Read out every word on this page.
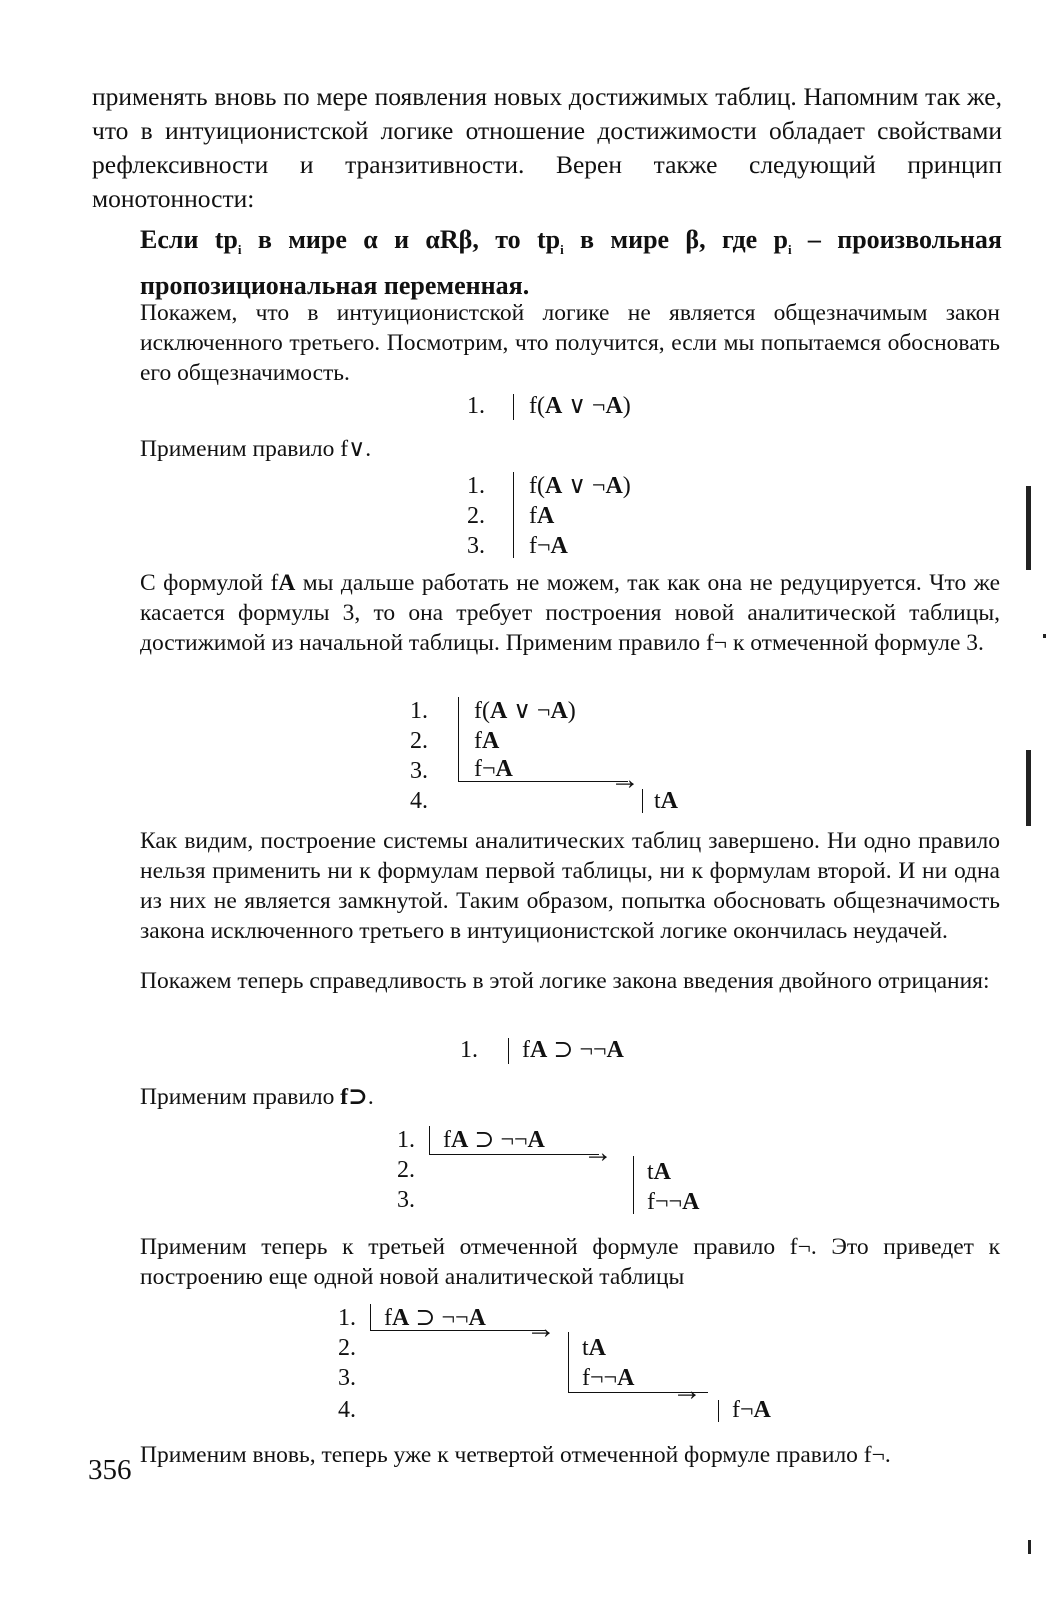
применять вновь по мере появления новых достижимых таблиц. Напомним так же, что в интуиционистской логике отношение достижимости обладает свойствами рефлексивности и транзитивности. Верен также следующий принцип монотонности:

Если $tp_i$ в мире α и αRβ, то $tp_i$ в мире β, где $p_i$ – произвольная пропозициональная переменная.

Покажем, что в интуиционистской логике не является общезначимым закон исключенного третьего. Посмотрим, что получится, если мы попытаемся обосновать его общезначимость.

1. f(A ∨ ¬A)

Применим правило f∨.

1.
2.
3.
f(A ∨ ¬A)
fA
f¬A

С формулой fA мы дальше работать не можем, так как она не редуцируется. Что же касается формулы 3, то она требует построения новой аналитической таблицы, достижимой из начальной таблицы. Применим правило f¬ к отмеченной формуле 3.

1.
2.
3.
4.
→
f(A ∨ ¬A)
fA
f¬A
tA

Как видим, построение системы аналитических таблиц завершено. Ни одно правило нельзя применить ни к формулам первой таблицы, ни к формулам второй. И ни одна из них не является замкнутой. Таким образом, попытка обосновать общезначимость закона исключенного третьего в интуиционистской логике окончилась неудачей.

Покажем теперь справедливость в этой логике закона введения двойного отрицания:

1. fA ⊃ ¬¬A

Применим правило f⊃.

1.
2.
3.
→
fA ⊃ ¬¬A
tA
f¬¬A

Применим теперь к третьей отмеченной формуле правило f¬. Это приведет к построению еще одной новой аналитической таблицы

1.
2.
3.
4.
→
→
fA ⊃ ¬¬A
tA
f¬¬A
f¬A

Применим вновь, теперь уже к четвертой отмеченной формуле правило f¬.

356
